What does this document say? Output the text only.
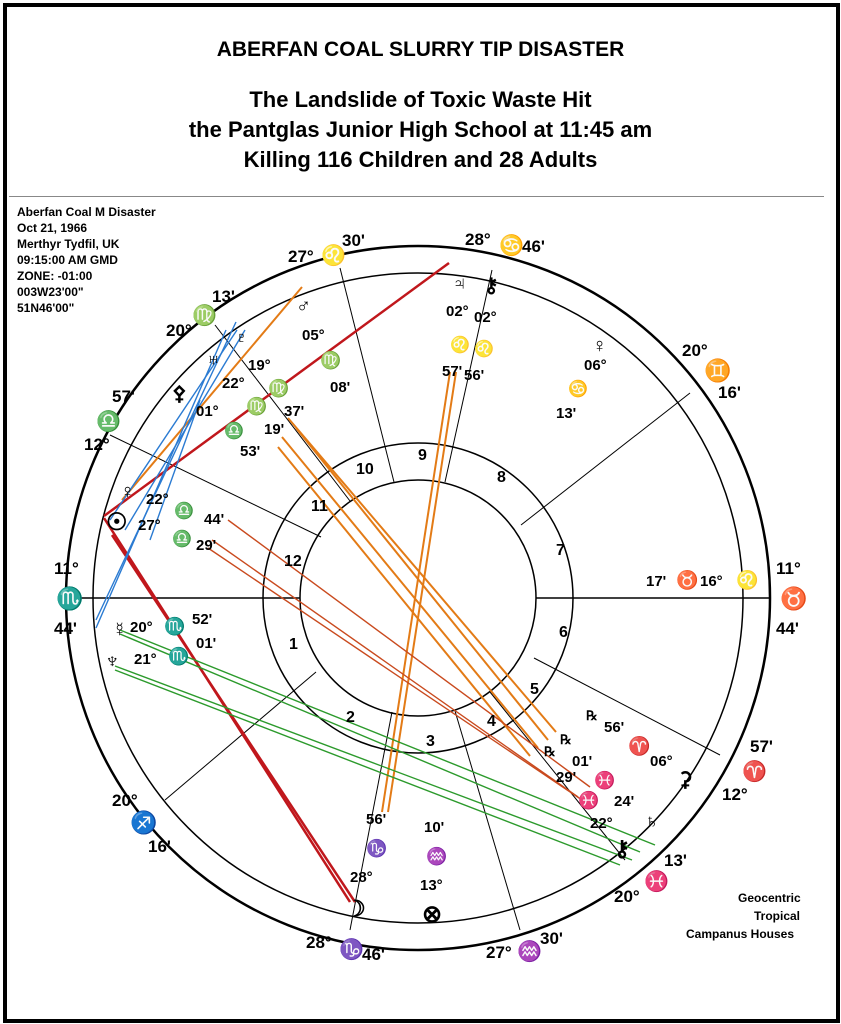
ABERFAN COAL SLURRY TIP DISASTER
The Landslide of Toxic Waste Hit
the Pantglas Junior High School at 11:45 am
Killing 116 Children and 28 Adults
Aberfan Coal M Disaster
Oct 21, 1966
Merthyr Tydfil, UK
09:15:00 AM GMD
ZONE: -01:00
003W23'00"
51N46'00"
1
2
3
4
5
6
7
8
9
10
11
12
11°
♏
44'
11°
♉
44'
12°
♎
57'
20°
♍
13'
27° ♌
30'	28° ♋
46'
20°
♊
16'
57'
♈
12°
13'
♓
20°
30'
♒
27°
28° ♑
46'
20°
♐
16'
♂
05°
♍
08'
♃
02°
♌
57'
⚷
02°
♌
56'
♀
06°
♋
13'
♇
19°
♍
37'
♅
22°
♍
19'
⚴
01°
♎
53'
♀ 22°
♎ 44'
☉ 27°
♎ 29'
☿ 20° ♏ 52'
♆ 21° ♏
01'
56'
♑
28°
☽
10'
♒
13°
⊗
56'
♈
06°
⚳
♓
♓ 24'
22° ♄
℞
℞
℞
01'
29'
⚷
17' ♉ 16° ♌
Geocentric
Tropical
Campanus Houses
